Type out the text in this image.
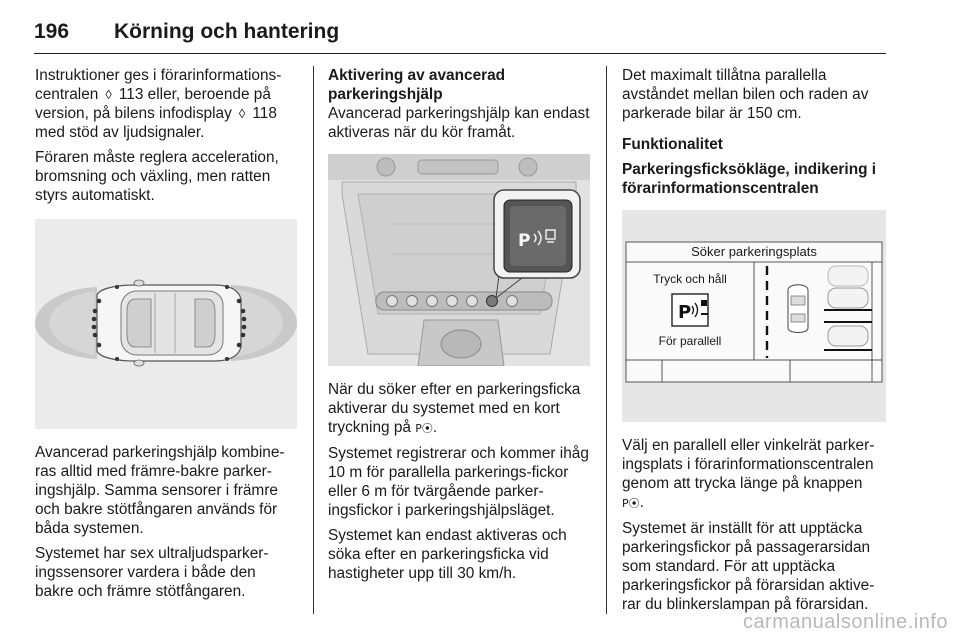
196 Körning och hantering

Instruktioner ges i förarinformations-centralen ◊ 113 eller, beroende på version, på bilens infodisplay ◊ 118 med stöd av ljudsignaler.

Föraren måste reglera acceleration, bromsning och växling, men ratten styrs automatiskt.

Avancerad parkeringshjälp kombine-ras alltid med främre-bakre parker-ingshjälp. Samma sensorer i främre och bakre stötfångaren används för båda systemen.

Systemet har sex ultraljudsparker-ingssensorer vardera i både den bakre och främre stötfångaren.

Aktivering av avancerad parkeringshjälp

Avancerad parkeringshjälp kan endast aktiveras när du kör framåt.

P

När du söker efter en parkeringsficka aktiverar du systemet med en kort tryckning på P⦿.

Systemet registrerar och kommer ihåg 10 m för parallella parkerings-fickor eller 6 m för tvärgående parker-ingsfickor i parkeringshjälpsläget.

Systemet kan endast aktiveras och söka efter en parkeringsficka vid hastigheter upp till 30 km/h.

Det maximalt tillåtna parallella avståndet mellan bilen och raden av parkerade bilar är 150 cm.

Funktionalitet
Parkeringsficksökläge, indikering i förarinformationscentralen
P
Söker parkeringsplats
Tryck och håll
För parallell

Välj en parallell eller vinkelrät parker-ingsplats i förarinformationscentralen genom att trycka länge på knappen P⦿.

Systemet är inställt för att upptäcka parkeringsfickor på passagerarsidan som standard. För att upptäcka parkeringsfickor på förarsidan aktive-rar du blinkerslampan på förarsidan.

carmanualsonline.info
